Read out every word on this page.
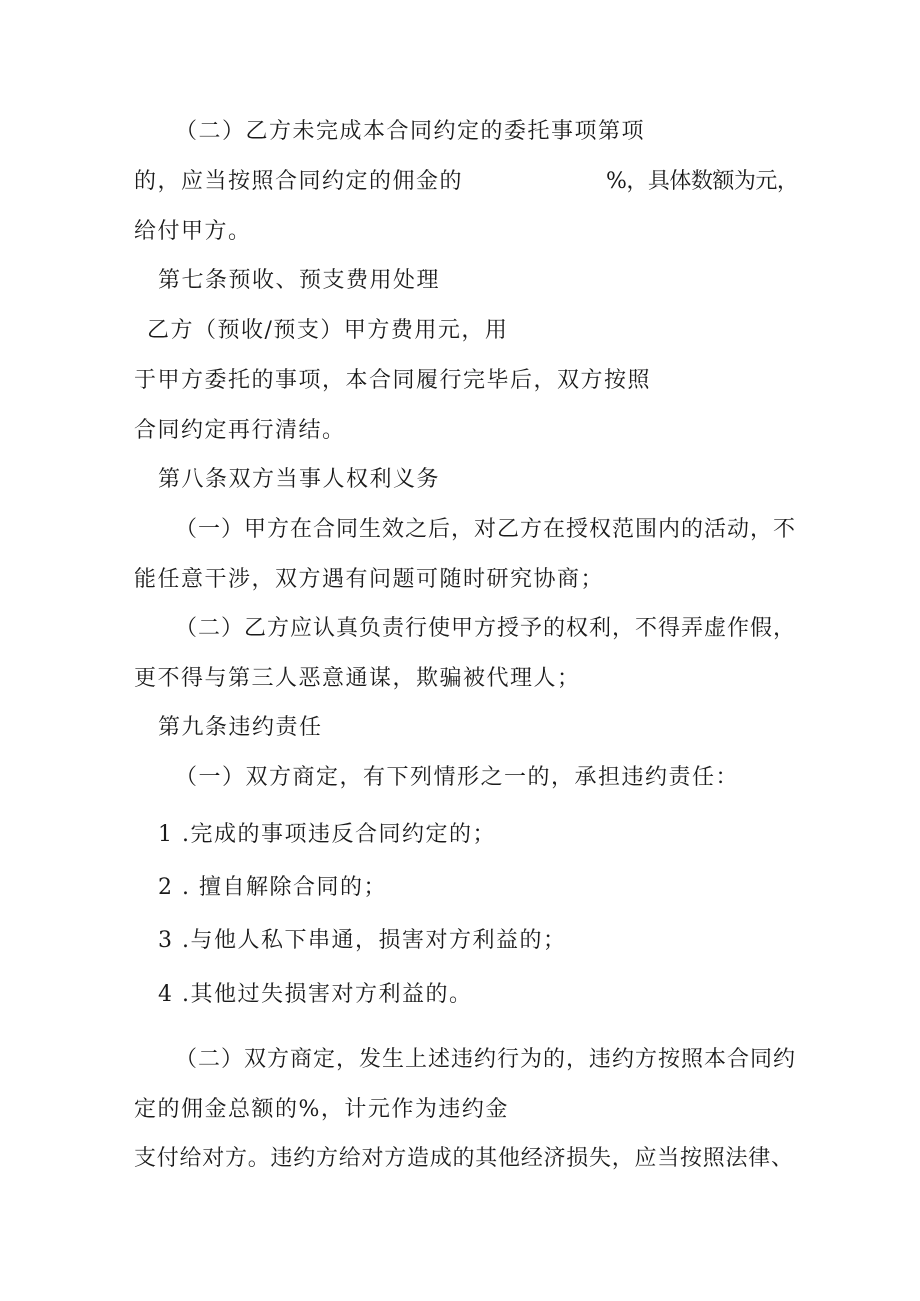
（二）乙方未完成本合同约定的委托事项第项
的，应当按照合同约定的佣金的	%，具体数额为元，
给付甲方。
第七条预收、预支费用处理
乙方（预收/预支）甲方费用元，用
于甲方委托的事项，本合同履行完毕后，双方按照
合同约定再行清结。
第八条双方当事人权利义务
（一）甲方在合同生效之后，对乙方在授权范围内的活动，不
能任意干涉，双方遇有问题可随时研究协商；
（二）乙方应认真负责行使甲方授予的权利，不得弄虚作假，
更不得与第三人恶意通谋，欺骗被代理人；
第九条违约责任
（一）双方商定，有下列情形之一的，承担违约责任：
1 .完成的事项违反合同约定的；
2 . 擅自解除合同的；
3 .与他人私下串通，损害对方利益的；
4 .其他过失损害对方利益的。
（二）双方商定，发生上述违约行为的，违约方按照本合同约
定的佣金总额的%，计元作为违约金
支付给对方。违约方给对方造成的其他经济损失，应当按照法律、
